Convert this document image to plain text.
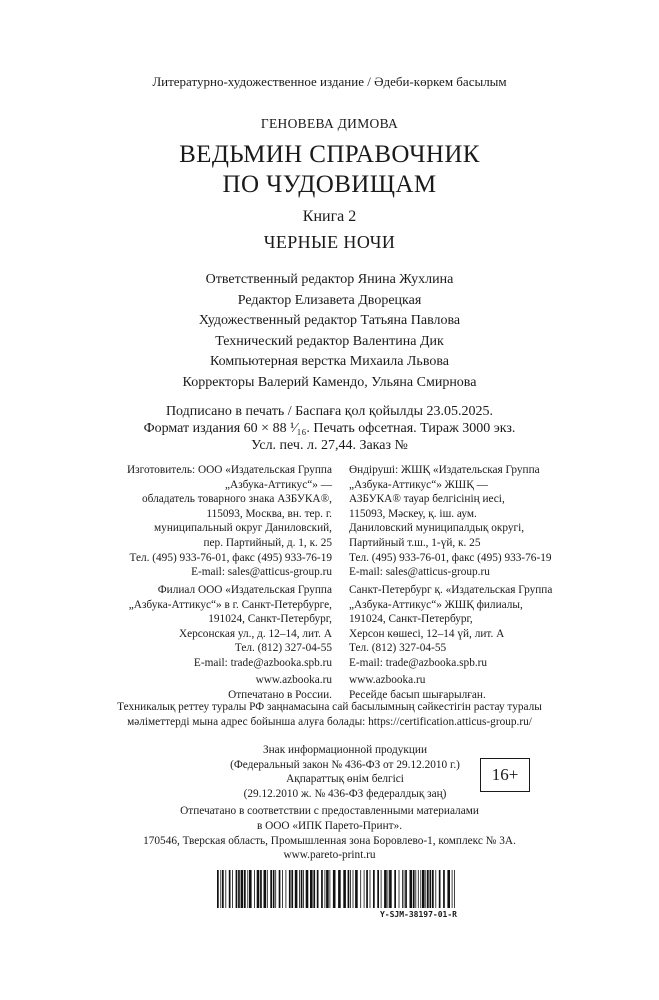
Литературно-художественное издание / Әдеби-көркем басылым
ГЕНОВЕВА ДИМОВА
ВЕДЬМИН СПРАВОЧНИК
ПО ЧУДОВИЩАМ
Книга 2
ЧЕРНЫЕ НОЧИ
Ответственный редактор Янина Жухлина
Редактор Елизавета Дворецкая
Художественный редактор Татьяна Павлова
Технический редактор Валентина Дик
Компьютерная верстка Михаила Львова
Корректоры Валерий Камендо, Ульяна Смирнова
Подписано в печать / Баспаға қол қойылды 23.05.2025.
Формат издания 60 × 88 ¹⁄₁₆. Печать офсетная. Тираж 3000 экз.
Усл. печ. л. 27,44. Заказ №
Изготовитель: ООО «Издательская Группа
„Азбука-Аттикус“» —
обладатель товарного знака АЗБУКА®,
115093, Москва, вн. тер. г.
муниципальный округ Даниловский,
пер. Партийный, д. 1, к. 25
Тел. (495) 933-76-01, факс (495) 933-76-19
E-mail: sales@atticus-group.ru
Өндіруші: ЖШҚ «Издательская Группа
„Азбука-Аттикус“» ЖШҚ —
АЗБУКА® тауар белгісінің иесі,
115093, Мәскеу, қ. іш. аум.
Даниловский муниципалдық округі,
Партийный т.ш., 1-үй, к. 25
Тел. (495) 933-76-01, факс (495) 933-76-19
E-mail: sales@atticus-group.ru
Филиал ООО «Издательская Группа
„Азбука-Аттикус“» в г. Санкт-Петербурге,
191024, Санкт-Петербург,
Херсонская ул., д. 12–14, лит. А
Тел. (812) 327-04-55
E-mail: trade@azbooka.spb.ru
Санкт-Петербург қ. «Издательская Группа
„Азбука-Аттикус“» ЖШҚ филиалы,
191024, Санкт-Петербург,
Херсон көшесі, 12–14 үй, лит. А
Тел. (812) 327-04-55
E-mail: trade@azbooka.spb.ru
www.azbooka.ru
Отпечатано в России.
www.azbooka.ru
Ресейде басып шығарылған.
Техникалық реттеу туралы РФ заңнамасына сай басылымның сәйкестігін растау туралы
мәліметтерді мына адрес бойынша алуға болады: https://certification.atticus-group.ru/
Знак информационной продукции
(Федеральный закон № 436-ФЗ от 29.12.2010 г.)
Ақпараттық өнім белгісі
(29.12.2010 ж. № 436-ФЗ федералдық заң)
16+
Отпечатано в соответствии с предоставленными материалами
в ООО «ИПК Парето-Принт».
170546, Тверская область, Промышленная зона Боровлево-1, комплекс № 3А.
www.pareto-print.ru
Y-SJM-38197-01-R
